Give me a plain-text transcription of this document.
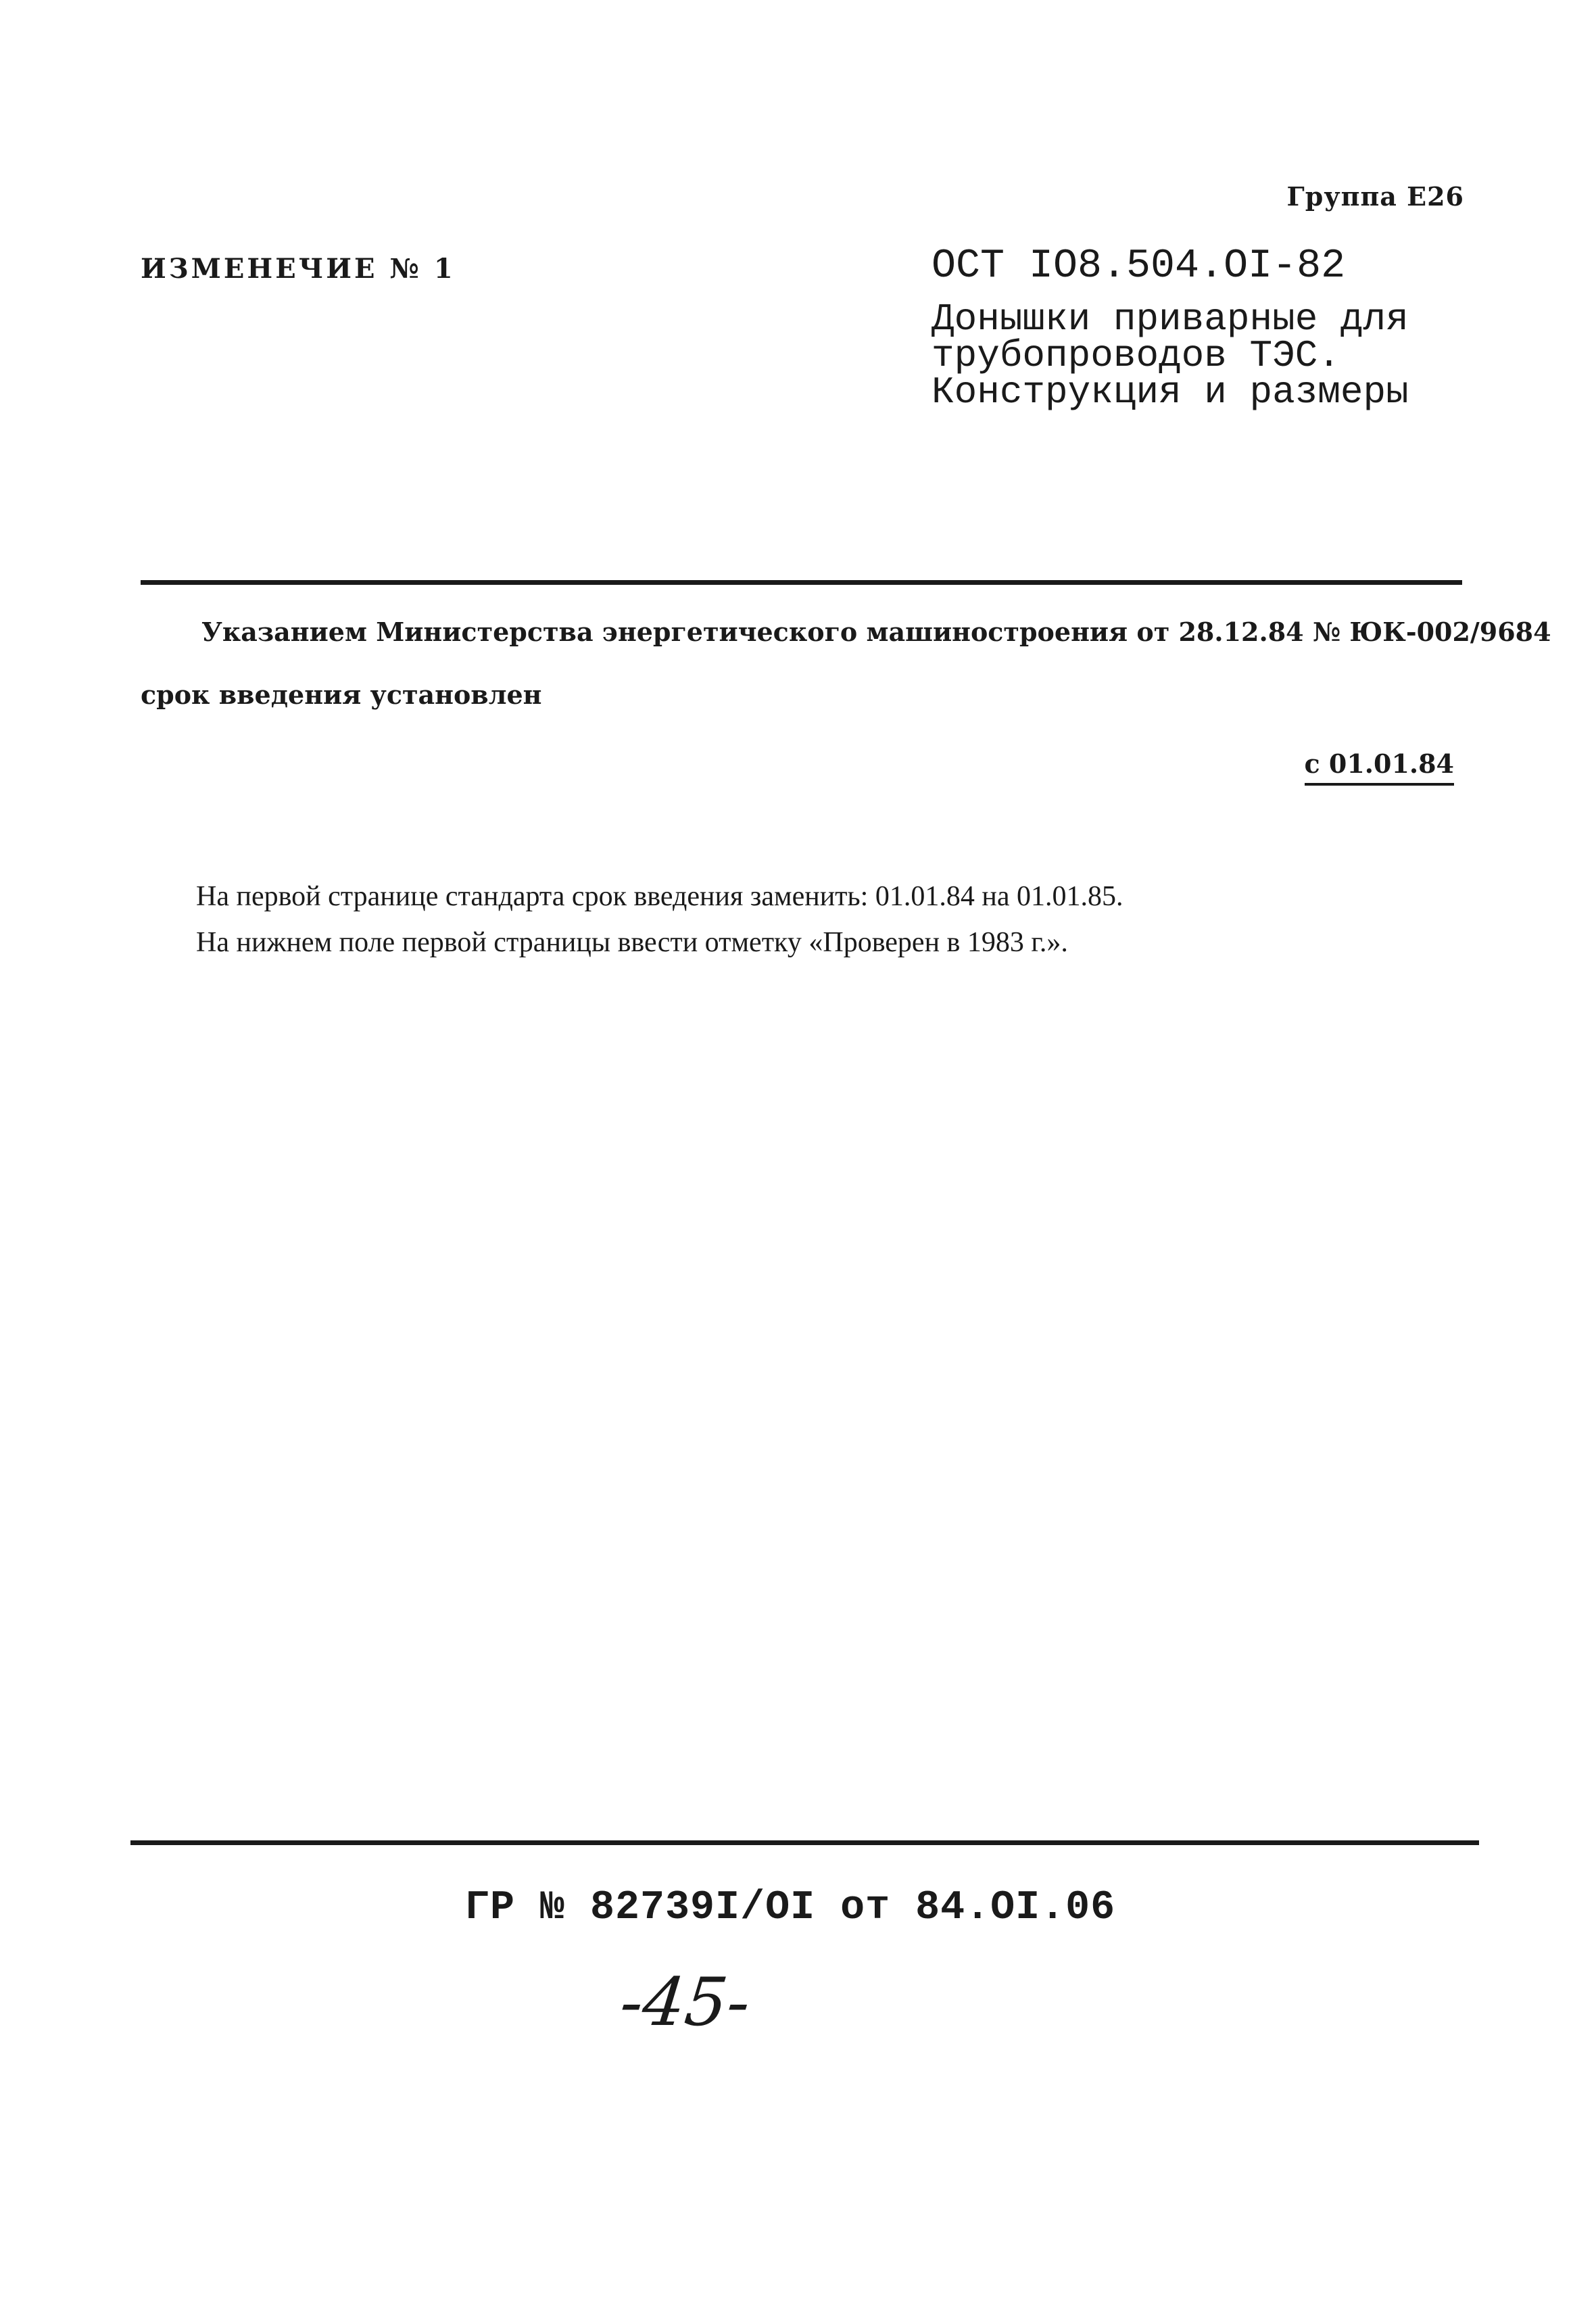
Группа Е26
ИЗМЕНЕЧИЕ № 1	ОСТ IO8.504.OI-82
Донышки приварные для
трубопроводов ТЭС.
Конструкция и размеры
Указанием Министерства энергетического машиностроения от 28.12.84 № ЮК-002/9684
срок введения установлен
с 01.01.84
На первой странице стандарта срок введения заменить: 01.01.84 на 01.01.85.
На нижнем поле первой страницы ввести отметку «Проверен в 1983 г.».
ГР № 82739I/OI от 84.OI.06
-45-
